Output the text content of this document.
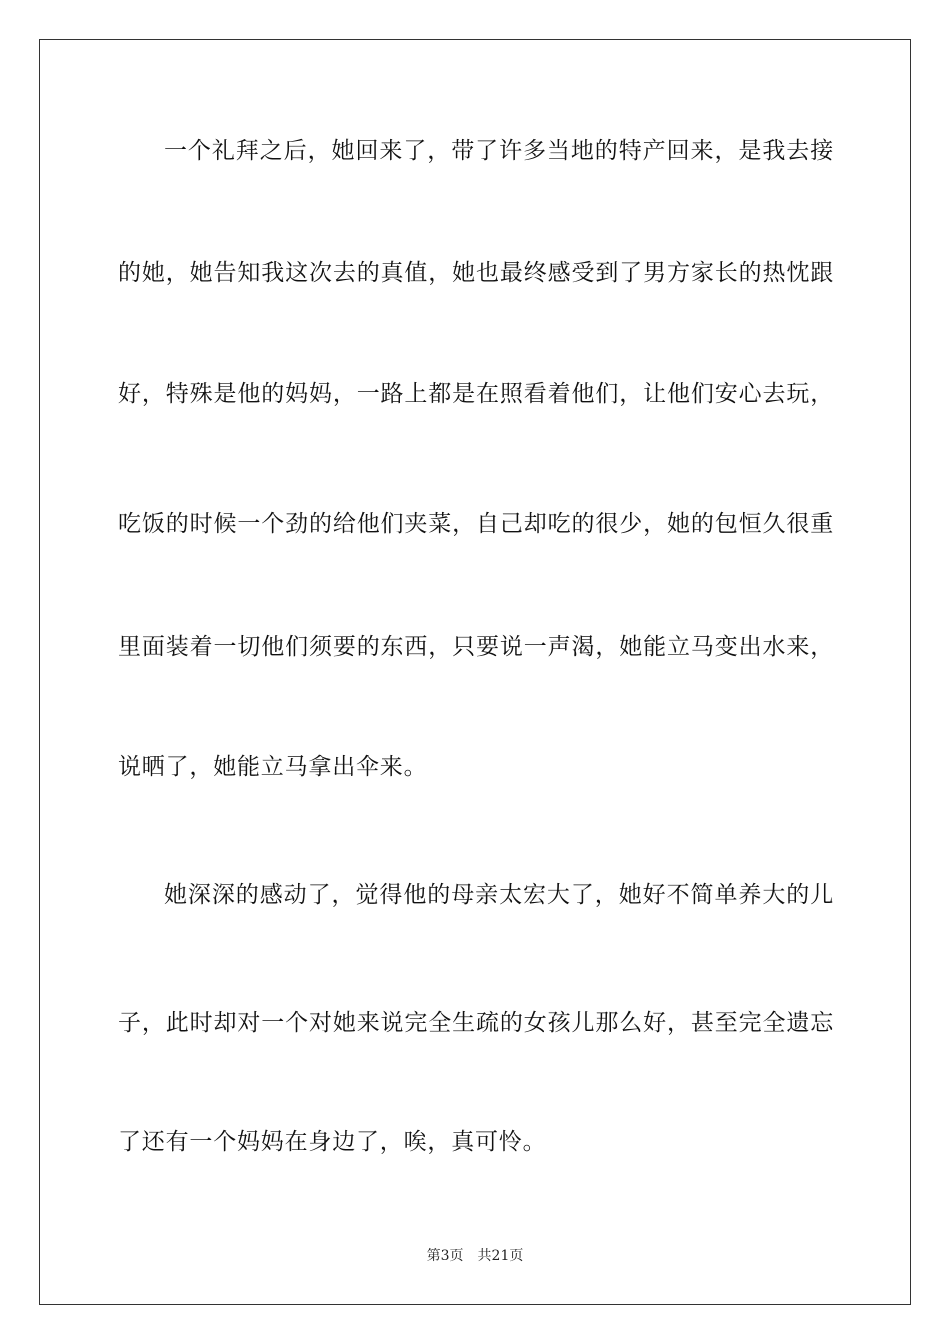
一个礼拜之后，她回来了，带了许多当地的特产回来，是我去接

的她，她告知我这次去的真值，她也最终感受到了男方家长的热忱跟

好，特殊是他的妈妈，一路上都是在照看着他们，让他们安心去玩，

吃饭的时候一个劲的给他们夹菜，自己却吃的很少，她的包恒久很重

里面装着一切他们须要的东西，只要说一声渴，她能立马变出水来，

说晒了，她能立马拿出伞来。

她深深的感动了，觉得他的母亲太宏大了，她好不简单养大的儿

子，此时却对一个对她来说完全生疏的女孩儿那么好，甚至完全遗忘

了还有一个妈妈在身边了，唉，真可怜。

第3页 共21页
